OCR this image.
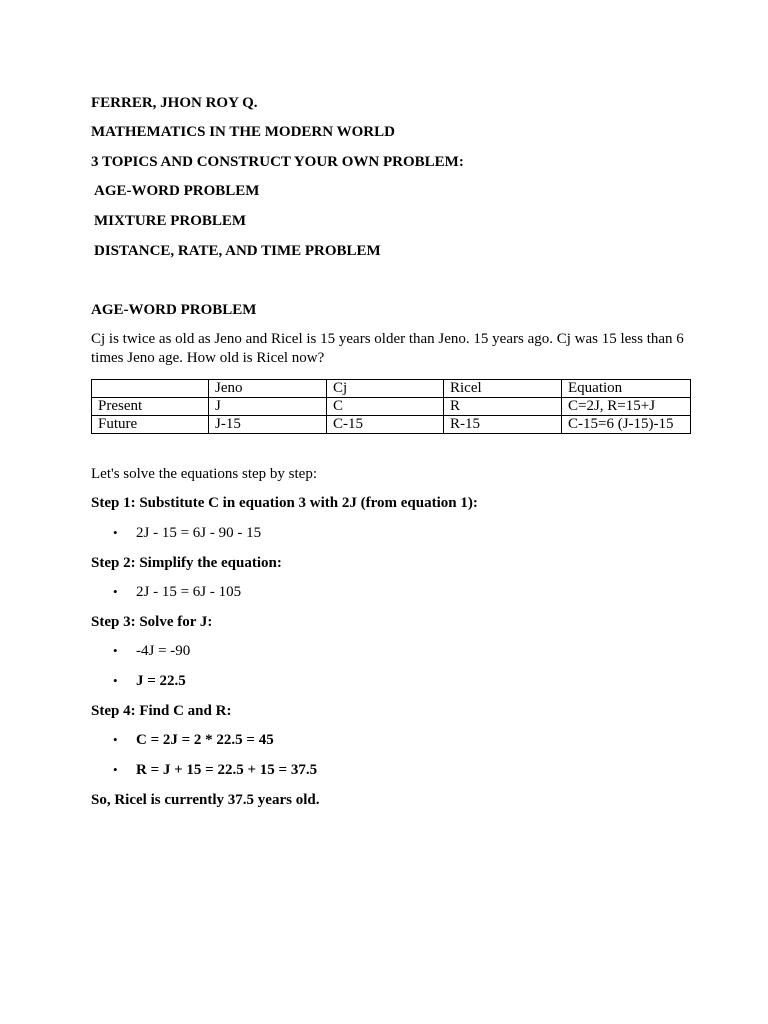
FERRER, JHON ROY Q.
MATHEMATICS IN THE MODERN WORLD
3 TOPICS AND CONSTRUCT YOUR OWN PROBLEM:
AGE-WORD PROBLEM
MIXTURE PROBLEM
DISTANCE, RATE, AND TIME PROBLEM
AGE-WORD PROBLEM
Cj is twice as old as Jeno and Ricel is 15 years older than Jeno. 15 years ago. Cj was 15 less than 6 times Jeno age. How old is Ricel now?
	Jeno	Cj	Ricel	Equation
Present	J	C	R	C=2J, R=15+J
Future	J-15	C-15	R-15	C-15=6 (J-15)-15
Let's solve the equations step by step:
Step 1: Substitute C in equation 3 with 2J (from equation 1):
• 2J - 15 = 6J - 90 - 15
Step 2: Simplify the equation:
• 2J - 15 = 6J - 105
Step 3: Solve for J:
• -4J = -90
• J = 22.5
Step 4: Find C and R:
• C = 2J = 2 * 22.5 = 45
• R = J + 15 = 22.5 + 15 = 37.5
So, Ricel is currently 37.5 years old.
